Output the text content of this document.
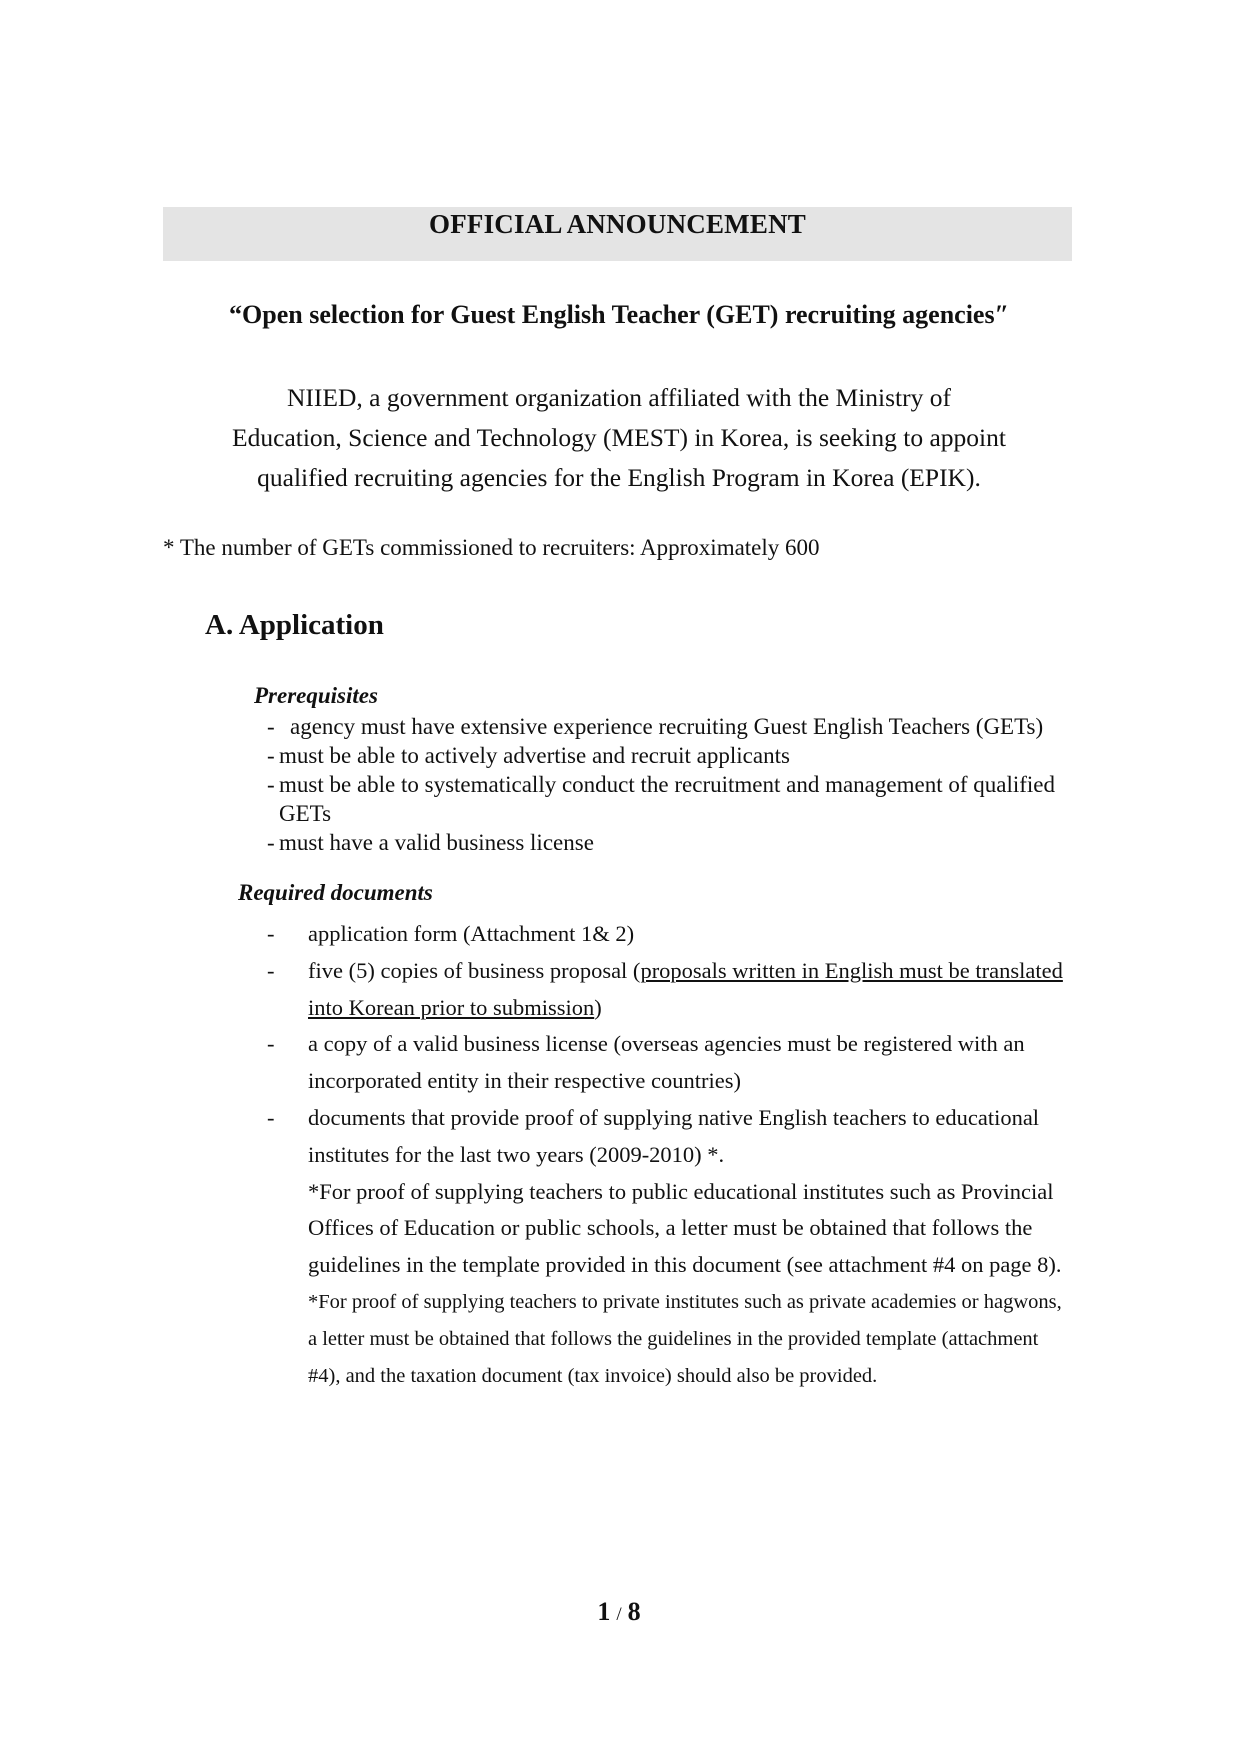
OFFICIAL ANNOUNCEMENT
“Open selection for Guest English Teacher (GET) recruiting agencies″
NIIED, a government organization affiliated with the Ministry of
Education, Science and Technology (MEST) in Korea, is seeking to appoint
qualified recruiting agencies for the English Program in Korea (EPIK).
* The number of GETs commissioned to recruiters: Approximately 600
A. Application
Prerequisites
- agency must have extensive experience recruiting Guest English Teachers (GETs)
- must be able to actively advertise and recruit applicants
- must be able to systematically conduct the recruitment and management of qualified GETs
- must have a valid business license
Required documents
-	application form (Attachment 1& 2)
-	five (5) copies of business proposal (proposals written in English must be translated into Korean prior to submission)
-	a copy of a valid business license (overseas agencies must be registered with an incorporated entity in their respective countries)
-	documents that provide proof of supplying native English teachers to educational institutes for the last two years (2009-2010) *.
*For proof of supplying teachers to public educational institutes such as Provincial Offices of Education or public schools, a letter must be obtained that follows the guidelines in the template provided in this document (see attachment #4 on page 8).
*For proof of supplying teachers to private institutes such as private academies or hagwons, a letter must be obtained that follows the guidelines in the provided template (attachment #4), and the taxation document (tax invoice) should also be provided.
1 / 8
